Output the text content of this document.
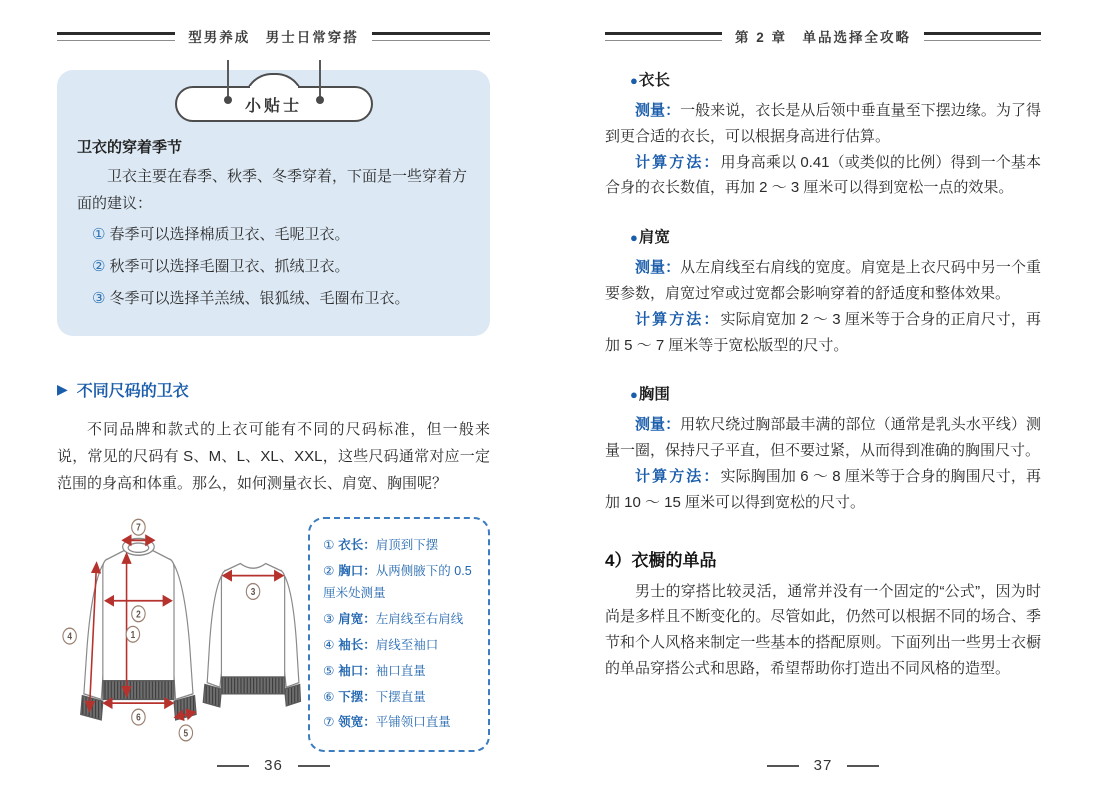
型男养成　男士日常穿搭
小贴士

卫衣的穿着季节

卫衣主要在春季、秋季、冬季穿着，下面是一些穿着方面的建议：

① 春季可以选择棉质卫衣、毛呢卫衣。

② 秋季可以选择毛圈卫衣、抓绒卫衣。

③ 冬季可以选择羊羔绒、银狐绒、毛圈布卫衣。

▶ 不同尺码的卫衣

不同品牌和款式的上衣可能有不同的尺码标准，但一般来说，常见的尺码有 S、M、L、XL、XXL，这些尺码通常对应一定范围的身高和体重。那么，如何测量衣长、肩宽、胸围呢？

7
2
1
4
6
5
3

① 衣长：肩顶到下摆

② 胸口：从两侧腋下的 0.5 厘米处测量

③ 肩宽：左肩线至右肩线

④ 袖长：肩线至袖口

⑤ 袖口：袖口直量

⑥ 下摆：下摆直量

⑦ 领宽：平铺领口直量

第 2 章　单品选择全攻略

●衣长

测量：一般来说，衣长是从后领中垂直量至下摆边缘。为了得到更合适的衣长，可以根据身高进行估算。

计算方法：用身高乘以 0.41（或类似的比例）得到一个基本合身的衣长数值，再加 2 ～ 3 厘米可以得到宽松一点的效果。

●肩宽

测量：从左肩线至右肩线的宽度。肩宽是上衣尺码中另一个重要参数，肩宽过窄或过宽都会影响穿着的舒适度和整体效果。

计算方法：实际肩宽加 2 ～ 3 厘米等于合身的正肩尺寸，再加 5 ～ 7 厘米等于宽松版型的尺寸。

●胸围

测量：用软尺绕过胸部最丰满的部位（通常是乳头水平线）测量一圈，保持尺子平直，但不要过紧，从而得到准确的胸围尺寸。

计算方法：实际胸围加 6 ～ 8 厘米等于合身的胸围尺寸，再加 10 ～ 15 厘米可以得到宽松的尺寸。

4）衣橱的单品

男士的穿搭比较灵活，通常并没有一个固定的“公式”，因为时尚是多样且不断变化的。尽管如此，仍然可以根据不同的场合、季节和个人风格来制定一些基本的搭配原则。下面列出一些男士衣橱的单品穿搭公式和思路，希望帮助你打造出不同风格的造型。

36	37
